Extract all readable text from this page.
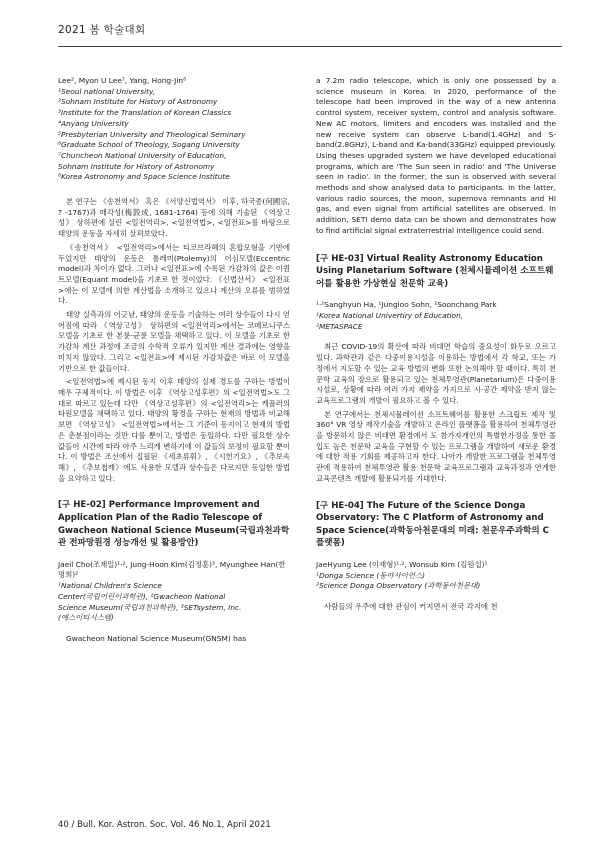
2021 봄 학술대회
Lee², Myon U Lee⁷, Yang, Hong-Jin⁸
¹Seoul national University,
²Sohnam Institute for History of Astronomy
³Institute for the Translation of Korean Classics
⁴Anyang University
⁵Presbyterian University and Theological Seminary
⁶Graduate School of Theology, Sogang University
⁷Chuncheon National University of Education,
Sohnam Institute for History of Astronomy
⁸Korea Astronomy and Space Science Institute

본 연구는 《송천역서》 혹은 《서양신법역서》 이후, 하국종(何國宗, ? -1767)과 매각성(梅瑴成, 1681-1764) 등에 의해 기술된 《역상고성》 상하편에 실린 <일전역리>, <일전역법>, <일전표>를 바탕으로 태양의 운동을 자세히 살펴보았다.

《송천역서》 <일전역리>에서는 티코브라헤의 혼합모형을 기반에 두었지만 태양의 운동은 톨레미(Ptolemy)의 이심모델(Eccentric model)과 차이가 없다. 그러나 <일전표>에 수록된 가감차의 값은 이퀀트모델(Equant model)을 기초로 한 것이었다. 《신법산서》 <일전표>에는 이 모델에 의한 계산법을 소개하고 있으나 계산의 오류를 범하였다.

태양 실측과의 어긋남, 태양의 운동을 기술하는 여러 상수들이 다시 얻어짐에 따라 《역상고성》 상하편의 <일전역리>에서는 코페르니쿠스 모델을 기초로 한 본륜-균륜 모델을 채택하고 있다. 이 모델을 기초로 한 가감차 계산 과정에 조금의 수학적 오류가 있지만 계산 결과에는 영향을 미치지 않았다. 그리고 <일전표>에 제시된 가감차값은 바로 이 모델을 기반으로 한 값들이다.

<일전역법>에 제시된 동지 이후 태양의 실제 경도를 구하는 방법이 매우 구체적이다. 이 방법은 이후 《역상고성후편》의 <일전역법>도 그대로 따르고 있는데 다만 《역상고성후편》의 <일전역리>는 케플러의 타원모델을 채택하고 있다. 태양의 황경을 구하는 현재의 방법과 비교해보면 《역상고성》 <일전역법>에서는 그 기준이 동지이고 현재의 방법은 춘분점이라는 것만 다를 뿐이고, 방법은 동일하다. 다만 필요한 상수 값들이 시간에 따라 아주 느리게 변하기에 이 값들의 보정이 필요할 뿐이다. 이 방법은 조선에서 집필된 《세초류휘》, 《시헌기요》, 《추보속해》, 《추보첩례》에도 사용한 모델과 상수들은 다르지만 동일한 방법을 요약하고 있다.

[구 HE-02] Performance Improvement and Application Plan of the Radio Telescope of Gwacheon National Science Museum(국립과천과학관 전파망원경 성능개선 및 활용방안)
Jaeil Cho(조재일)¹·², Jung-Hoon Kim(김정훈)³, Myunghee Han(한명희)²
¹National Children's Science
Center(국립어린이과학관), ²Gwacheon National
Science Museum(국립과천과학관), ³SETsystem, Inc.
(에스이티시스템)

Gwacheon National Science Museum(GNSM) has

a 7.2m radio telescope, which is only one possessed by a science museum in Korea. In 2020, performance of the telescope had been improved in the way of a new antenna control system, receiver system, control and analysis software. New AC motors, limiters and encoders was installed and the new receive system can observe L-band(1.4GHz) and S-band(2.8GHz), L-band and Ka-band(33GHz) equipped previously. Using theses upgraded system we have developed educational programs, which are 'The Sun seen in radio' and 'The Universe seen in radio'. In the former, the sun is observed with several methods and show analysed data to participants. In the latter, various radio sources, the moon, supernova remnants and HI gas, and even signal from artificial satellites are observed. In addition, SETI demo data can be shown and demonstrates how to find artificial signal extraterrestrial intelligence could send.

[구 HE-03] Virtual Reality Astronomy Education Using Planetarium Software (천체시뮬레이션 소프트웨어를 활용한 가상현실 천문학 교육)
¹·²Sanghyun Ha, ¹Jungioo Sohn, ²Soonchang Park
¹Korea National Univertiry of Education,
²METASPACE

최근 COVID-19의 확산에 따라 비대면 학습의 중요성이 화두로 오르고 있다. 과학관과 같은 다중이용시설을 이용하는 방법에서 각 학교, 또는 가정에서 지도할 수 있는 교육 방법의 변화 또한 논의해야 할 때이다. 특히 천문학 교육의 장으로 활용되고 있는 천체투영관(Planetarium)은 다중이용시설로, 상황에 따라 여러 가지 제약을 가지므로 시·공간 제약을 받지 않는 교육프로그램의 개발이 필요하고 볼 수 있다.

본 연구에서는 천체시뮬레이션 소프트웨어를 활용한 스크립트 제작 및 360° VR 영상 제작기술을 개발하고 온라인 플랫폼을 활용하여 천체투영관을 방문하지 않은 비대면 환경에서 도 참가자개인의 특별한가정을 통한 몰입도 높은 천문학 교육을 구현할 수 있는 프로그램을 개발하여 새로운 환경에 대한 적용 기회를 제공하고자 한다. 나아가 개발한 프로그램을 천체투영관에 적용하여 천체투영관 활용 천문학 교육프로그램과 교육과정과 연계한 교육콘텐츠 개발에 활용되기를 기대한다.

[구 HE-04] The Future of the Science Donga Observatory: The C Platform of Astronomy and Space Science(과학동아천문대의 미래: 천문우주과학의 C 플랫폼)
JaeHyung Lee (이재형)¹·², Wonsub Kim (김원섭)¹
¹Donga Science (동아사이언스)
²Science Donga Observatory (과학동아천문대)

사람들의 우주에 대한 관심이 커지면서 전국 각지에 천

40 / Bull. Kor. Astron. Soc. Vol. 46 No.1, April 2021
